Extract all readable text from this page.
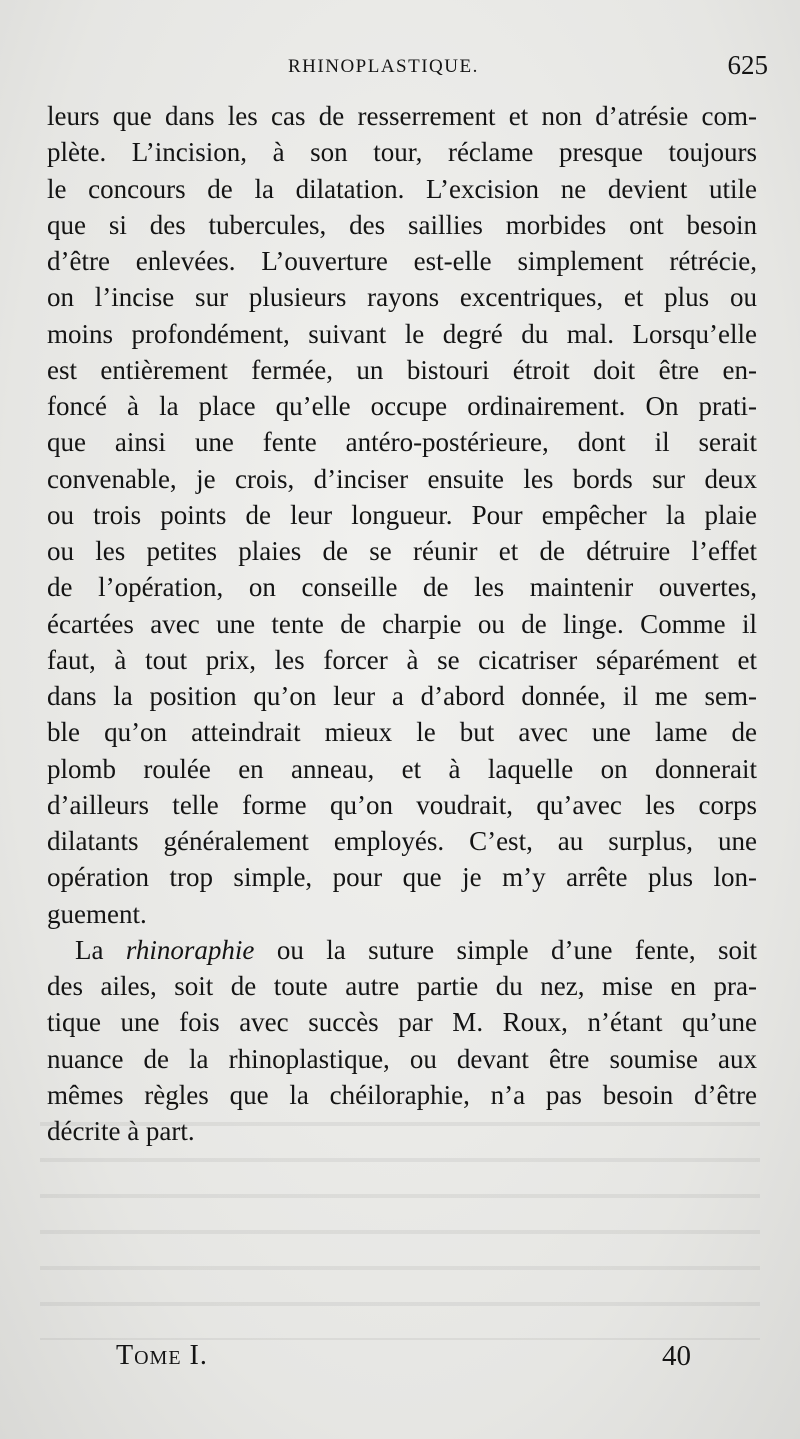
RHINOPLASTIQUE.	625
leurs que dans les cas de resserrement et non d’atrésie com-
plète. L’incision, à son tour, réclame presque toujours
le concours de la dilatation. L’excision ne devient utile
que si des tubercules, des saillies morbides ont besoin
d’être enlevées. L’ouverture est-elle simplement rétrécie,
on l’incise sur plusieurs rayons excentriques, et plus ou
moins profondément, suivant le degré du mal. Lorsqu’elle
est entièrement fermée, un bistouri étroit doit être en-
foncé à la place qu’elle occupe ordinairement. On prati-
que ainsi une fente antéro-postérieure, dont il serait
convenable, je crois, d’inciser ensuite les bords sur deux
ou trois points de leur longueur. Pour empêcher la plaie
ou les petites plaies de se réunir et de détruire l’effet
de l’opération, on conseille de les maintenir ouvertes,
écartées avec une tente de charpie ou de linge. Comme il
faut, à tout prix, les forcer à se cicatriser séparément et
dans la position qu’on leur a d’abord donnée, il me sem-
ble qu’on atteindrait mieux le but avec une lame de
plomb roulée en anneau, et à laquelle on donnerait
d’ailleurs telle forme qu’on voudrait, qu’avec les corps
dilatants généralement employés. C’est, au surplus, une
opération trop simple, pour que je m’y arrête plus lon-
guement.
La rhinoraphie ou la suture simple d’une fente, soit
des ailes, soit de toute autre partie du nez, mise en pra-
tique une fois avec succès par M. Roux, n’étant qu’une
nuance de la rhinoplastique, ou devant être soumise aux
mêmes règles que la chéiloraphie, n’a pas besoin d’être
décrite à part.
Tome I.	40
